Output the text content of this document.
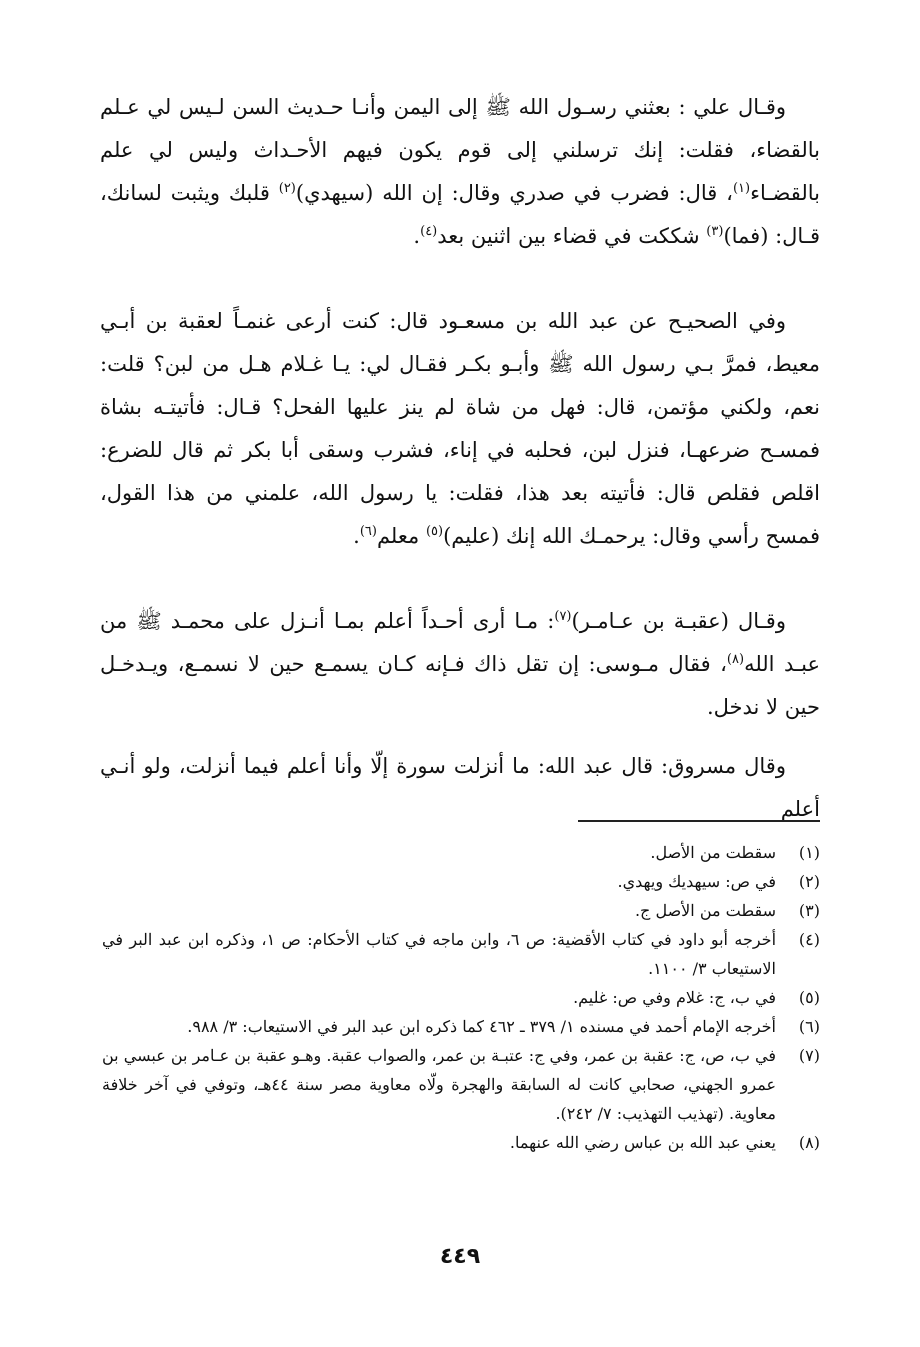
وقـال علي : بعثني رسـول الله ﷺ إلى اليمن وأنـا حـديث السن لـيس لي عـلم بالقضاء، فقلت: إنك ترسلني إلى قوم يكون فيهم الأحـداث وليس لي علم بالقضـاء$^{(١)}$، قال: فضرب في صدري وقال: إن الله (سيهدي)$^{(٢)}$ قلبك ويثبت لسانك، قـال: (فما)$^{(٣)}$ شككت في قضاء بين اثنين بعد$^{(٤)}$.

وفي الصحيـح عن عبد الله بن مسعـود قال: كنت أرعى غنمـاً لعقبة بن أبـي معيط، فمرَّ بـي رسول الله ﷺ وأبـو بكـر فقـال لي: يـا غـلام هـل من لبن؟ قلت: نعم، ولكني مؤتمن، قال: فهل من شاة لم ينز عليها الفحل؟ قـال: فأتيتـه بشاة فمسـح ضرعهـا، فنزل لبن، فحلبه في إناء، فشرب وسقى أبا بكر ثم قال للضرع: اقلص فقلص قال: فأتيته بعد هذا، فقلت: يا رسول الله، علمني من هذا القول، فمسح رأسي وقال: يرحمـك الله إنك (عليم)$^{(٥)}$ معلم$^{(٦)}$.

وقـال (عقبـة بن عـامـر)$^{(٧)}$: مـا أرى أحـداً أعلم بمـا أنـزل على محمـد ﷺ من عبـد الله$^{(٨)}$، فقال مـوسى: إن تقل ذاك فـإنه كـان يسمـع حين لا نسمـع، ويـدخـل حين لا ندخل.

وقال مسروق: قال عبد الله: ما أنزلت سورة إلّا وأنا أعلم فيما أنزلت، ولو أنـي أعلم

(١)
سقطت من الأصل.
(٢)
في ص: سيهديك ويهدي.
(٣)
سقطت من الأصل ج.
(٤)
أخرجه أبو داود في كتاب الأقضية: ص ٦، وابن ماجه في كتاب الأحكام: ص ١، وذكره ابن عبد البر في الاستيعاب ٣/ ١١٠٠.
(٥)
في ب، ج: غلام وفي ص: غليم.
(٦)
أخرجه الإمام أحمد في مسنده ١/ ٣٧٩ ـ ٤٦٢ كما ذكره ابن عبد البر في الاستيعاب: ٣/ ٩٨٨.
(٧)
في ب، ص، ج: عقبة بن عمر، وفي ج: عتبـة بن عمر، والصواب عقبة. وهـو عقبة بن عـامر بن عبسي بن عمرو الجهني، صحابي كانت له السابقة والهجرة ولّاه معاوية مصر سنة ٤٤هـ، وتوفي في آخر خلافة معاوية. (تهذيب التهذيب: ٧/ ٢٤٢).
(٨)
يعني عبد الله بن عباس رضي الله عنهما.
٤٤٩
